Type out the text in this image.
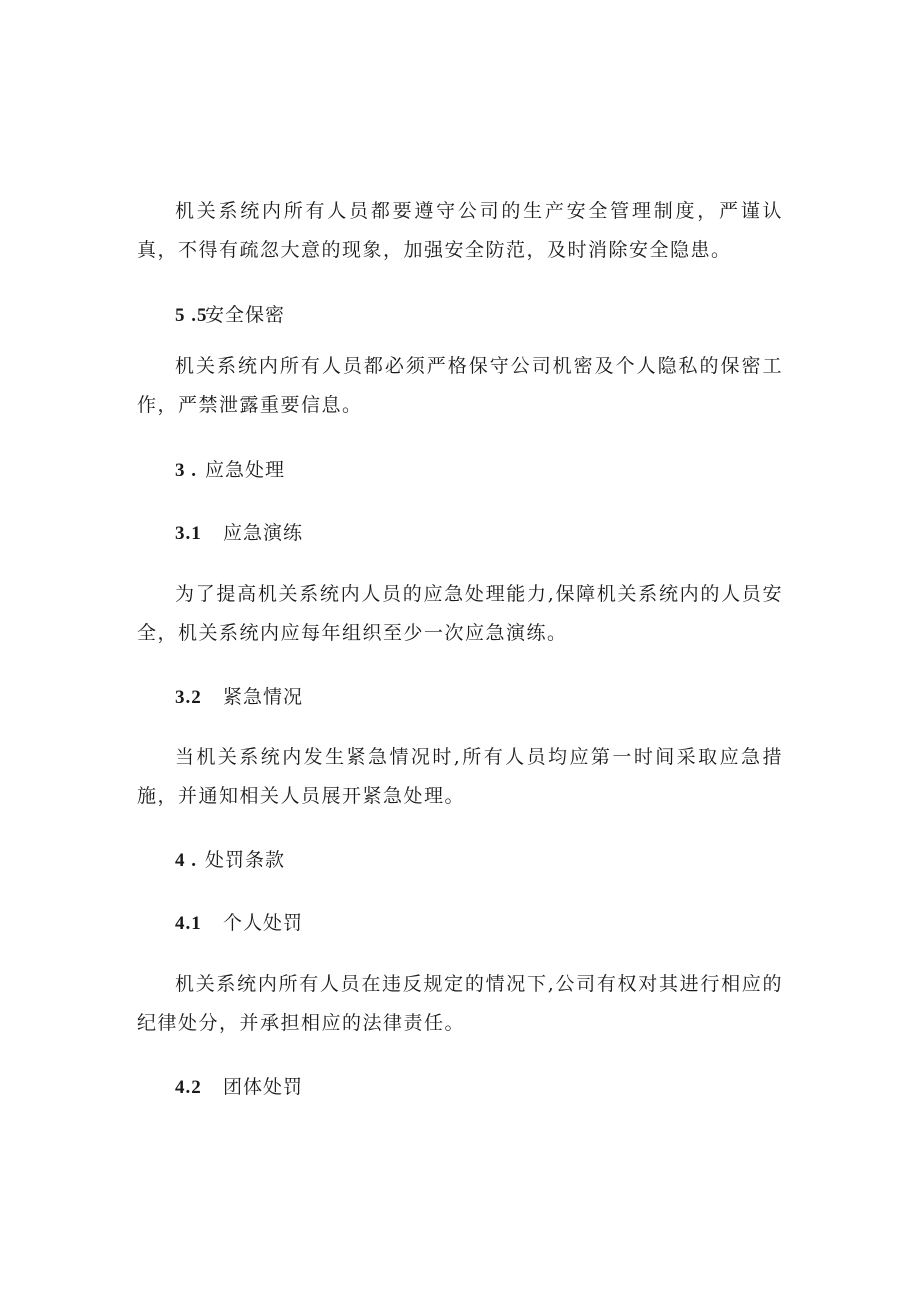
机关系统内所有人员都要遵守公司的生产安全管理制度，严谨认真，不得有疏忽大意的现象，加强安全防范，及时消除安全隐患。

5 .5安全保密

机关系统内所有人员都必须严格保守公司机密及个人隐私的保密工作，严禁泄露重要信息。

3 . 应急处理
3.1 应急演练

为了提高机关系统内人员的应急处理能力,保障机关系统内的人员安全，机关系统内应每年组织至少一次应急演练。

3.2 紧急情况

当机关系统内发生紧急情况时,所有人员均应第一时间采取应急措施，并通知相关人员展开紧急处理。

4 . 处罚条款
4.1 个人处罚

机关系统内所有人员在违反规定的情况下,公司有权对其进行相应的纪律处分，并承担相应的法律责任。

4.2 团体处罚
